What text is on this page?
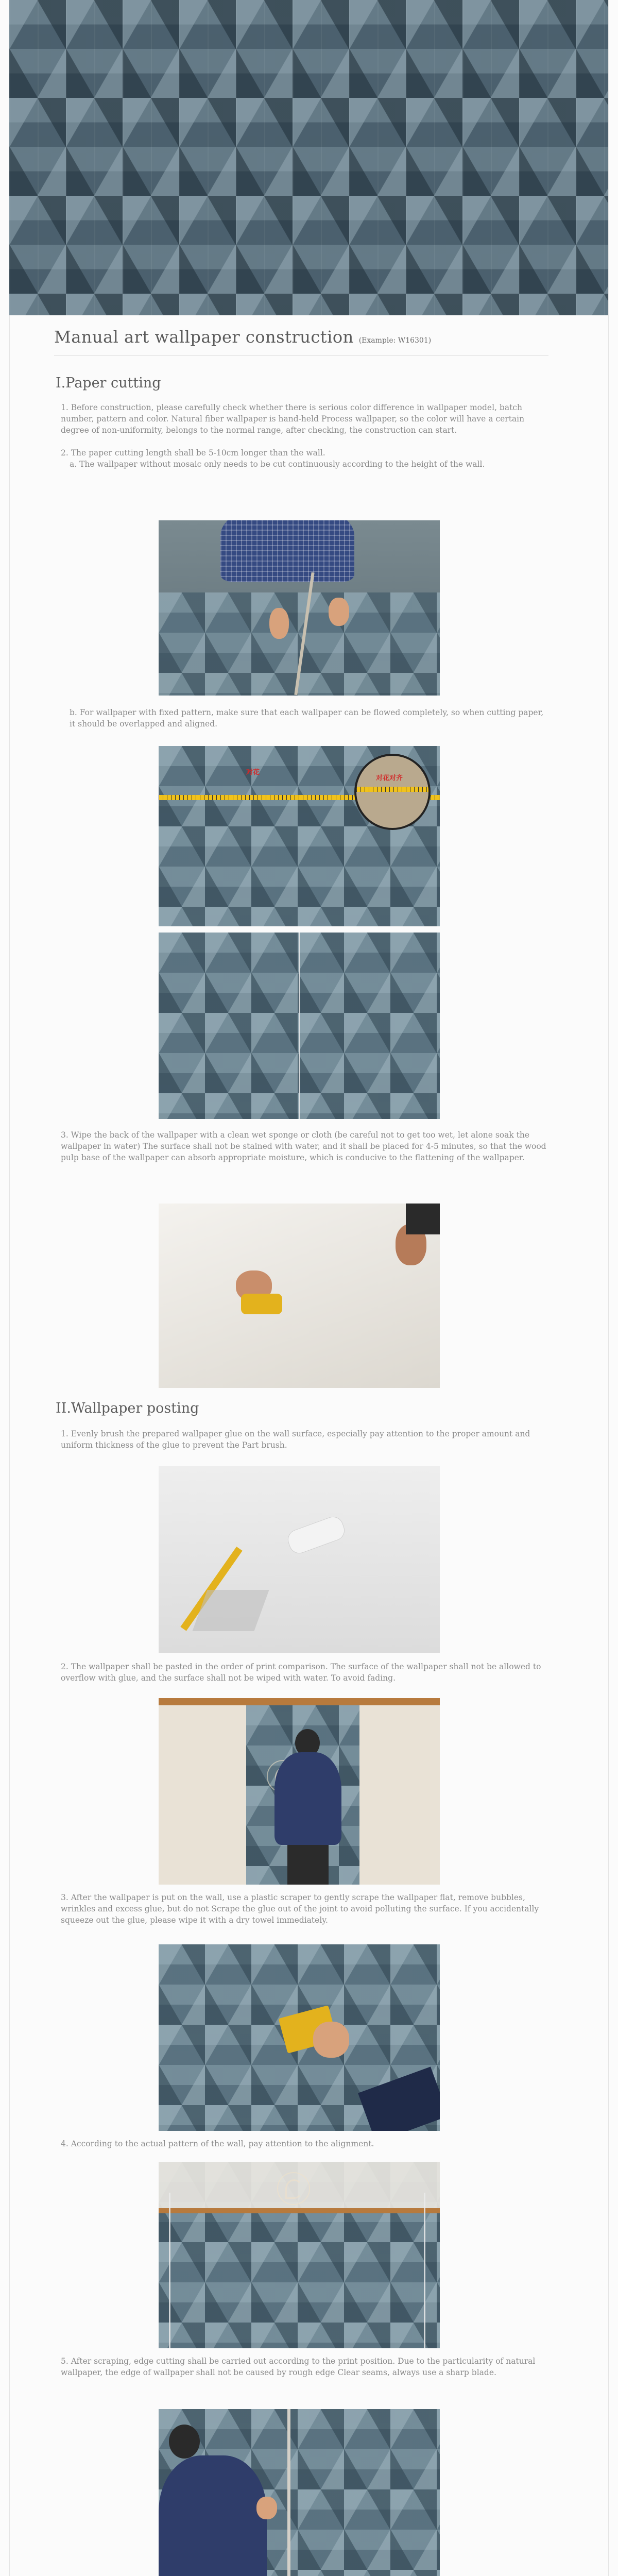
Manual art wallpaper construction (Example: W16301)
I.Paper cutting
1. Before construction, please carefully check whether there is serious color difference in wallpaper model, batch number, pattern and color. Natural fiber wallpaper is hand-held Process wallpaper, so the color will have a certain degree of non-uniformity, belongs to the normal range, after checking, the construction can start.
2. The paper cutting length shall be 5-10cm longer than the wall.
a. The wallpaper without mosaic only needs to be cut continuously according to the height of the wall.
b. For wallpaper with fixed pattern, make sure that each wallpaper can be flowed completely, so when cutting paper, it should be overlapped and aligned.
对花
对花对齐
3. Wipe the back of the wallpaper with a clean wet sponge or cloth (be careful not to get too wet, let alone soak the wallpaper in water) The surface shall not be stained with water, and it shall be placed for 4-5 minutes, so that the wood pulp base of the wallpaper can absorb appropriate moisture, which is conducive to the flattening of the wallpaper.
II.Wallpaper posting
1. Evenly brush the prepared wallpaper glue on the wall surface, especially pay attention to the proper amount and uniform thickness of the glue to prevent the Part brush.
2. The wallpaper shall be pasted in the order of print comparison. The surface of the wallpaper shall not be allowed to overflow with glue, and the surface shall not be wiped with water. To avoid fading.
3. After the wallpaper is put on the wall, use a plastic scraper to gently scrape the wallpaper flat, remove bubbles, wrinkles and excess glue, but do not Scrape the glue out of the joint to avoid polluting the surface. If you accidentally squeeze out the glue, please wipe it with a dry towel immediately.
4. According to the actual pattern of the wall, pay attention to the alignment.
5. After scraping, edge cutting shall be carried out according to the print position. Due to the particularity of natural wallpaper, the edge of wallpaper shall not be caused by rough edge Clear seams, always use a sharp blade.
